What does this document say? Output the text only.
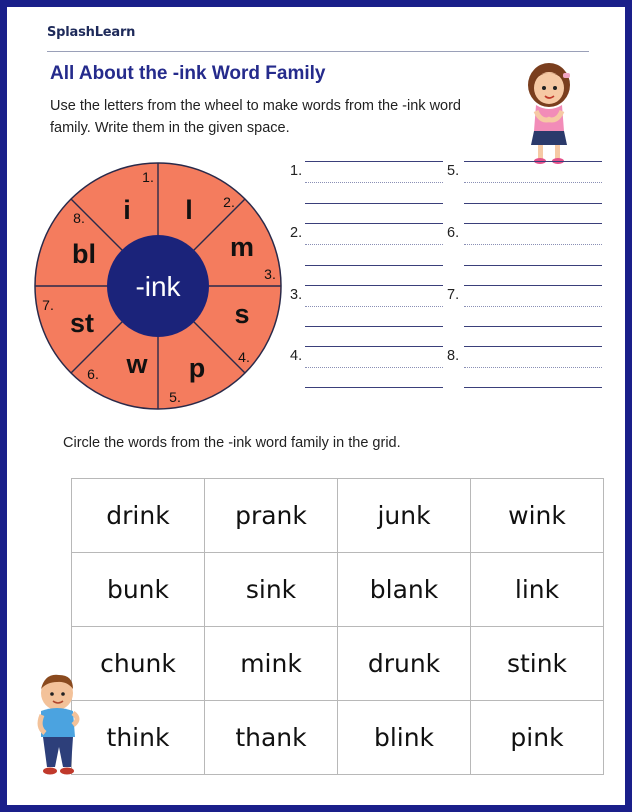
SplashLearn
All About the -ink Word Family
Use the letters from the wheel to make words from the -ink word family. Write them in the given space.
-ink
i l
m
s
p
w
st
bl
1.
2.
3.
4.
5.
6.
7.
8.
1.
2.
3.
4.
5.
6.
7.
8.
Circle the words from the -ink word family in the grid.
drink	prank	junk	wink
bunk	sink	blank	link
chunk	mink	drunk	stink
think	thank	blink	pink
